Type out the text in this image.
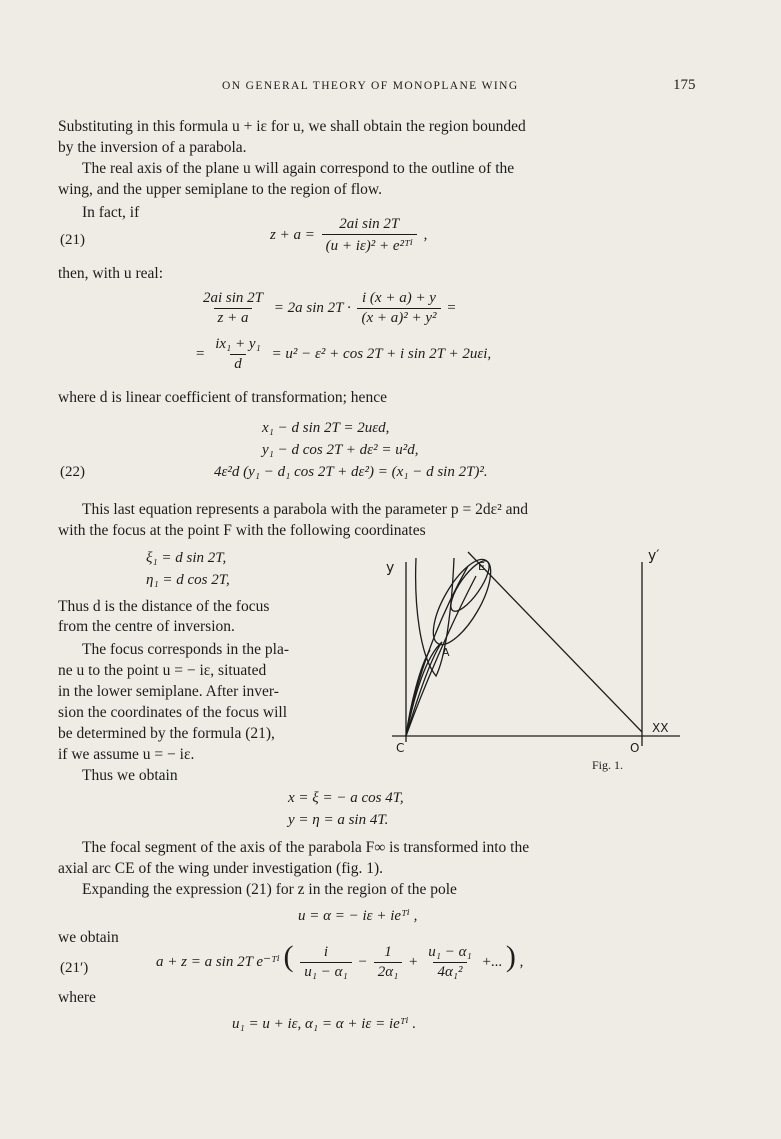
ON GENERAL THEORY OF MONOPLANE WING	175
Substituting in this formula u + iε for u, we shall obtain the region bounded
by the inversion of a parabola.
The real axis of the plane u will again correspond to the outline of the
wing, and the upper semiplane to the region of flow.
In fact, if
(21)	$z + a = \frac{\text{2ai sin 2T}}{\text{(u + iε)² + e²ᵀⁱ}}$ ,
then, with u real:
$\frac{\text{2ai sin 2T}}{z + a} = 2a$ $\sin 2T \cdot \frac{i (x + a) + y}{\text{(x + a)² + y²}}$ =
= $\frac{\text{ix₁ + y₁}}{d} = u^2 - \varepsilon^2 + \cos 2T + i$ sin 2T + 2uεi,
where d is linear coefficient of transformation; hence
x₁ − d sin 2T = 2uεd,
y₁ − d cos 2T + dε² = u²d,
(22)	4ε²d (y₁ − d₁ cos 2T + dε²) = (x₁ − d sin 2T)².
This last equation represents a parabola with the parameter p = 2dε² and
with the focus at the point F with the following coordinates
ξ₁ = d sin 2T,
η₁ = d cos 2T,
Thus d is the distance of the focus
from the centre of inversion.
The focus corresponds in the pla-
ne u to the point u = − iε, situated
in the lower semiplane. After inver-
sion the coordinates of the focus will
be determined by the formula (21),
if we assume u = − iε.
Thus we obtain
y
y′
E
A
C	O
XX
Fig. 1.
x = ξ = − a cos 4T,
y = η = a sin 4T.
The focal segment of the axis of the parabola F∞ is transformed into the
axial arc CE of the wing under investigation (fig. 1).
Expanding the expression (21) for z in the region of the pole
u = α = − iε + ieᵀⁱ ,
we obtain
(21′)	a + z = a sin 2T e⁻ᵀⁱ ( $\frac{i}{\text{u₁ − α₁}} - \frac{1}{\text{2α₁}} + \frac{\text{u₁ − α₁}}{\text{4α₁²}}$ +... ) ,
where
u₁ = u + iε, α₁ = α + iε = ieᵀⁱ .
